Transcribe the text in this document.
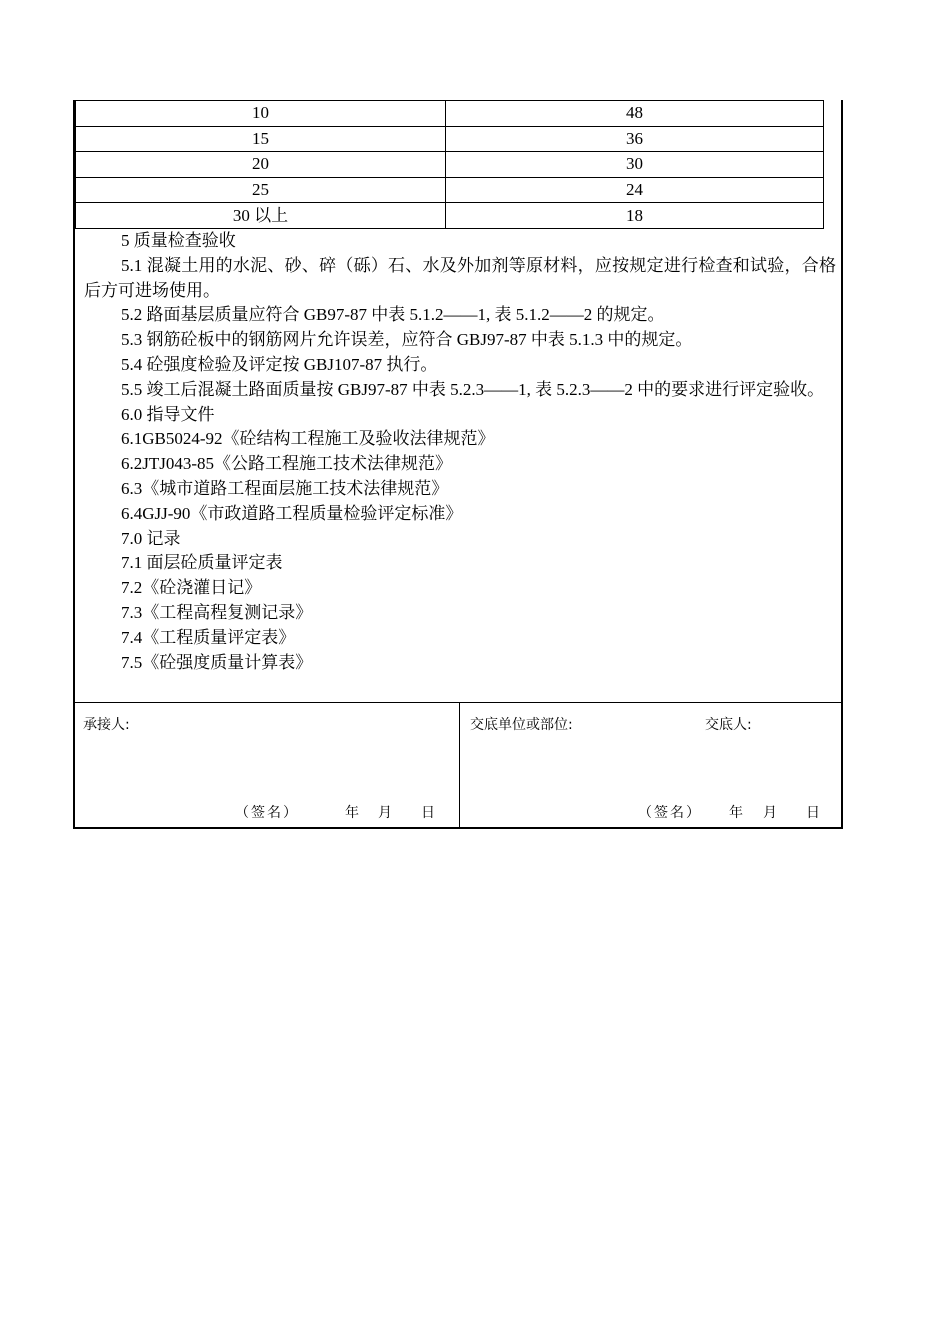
10	48
15	36
20	30
25	24
30 以上	18

5 质量检查验收

5.1 混凝土用的水泥、砂、碎（砾）石、水及外加剂等原材料，应按规定进行检查和试验，合格后方可进场使用。

5.2 路面基层质量应符合 GB97-87 中表 5.1.2——1, 表 5.1.2——2 的规定。

5.3 钢筋砼板中的钢筋网片允许误差，应符合 GBJ97-87 中表 5.1.3 中的规定。

5.4 砼强度检验及评定按 GBJ107-87 执行。

5.5 竣工后混凝土路面质量按 GBJ97-87 中表 5.2.3——1, 表 5.2.3——2 中的要求进行评定验收。

6.0 指导文件

6.1GB5024-92《砼结构工程施工及验收法律规范》

6.2JTJ043-85《公路工程施工技术法律规范》

6.3《城市道路工程面层施工技术法律规范》

6.4GJJ-90《市政道路工程质量检验评定标准》

7.0 记录

7.1 面层砼质量评定表

7.2《砼浇灌日记》

7.3《工程高程复测记录》

7.4《工程质量评定表》

7.5《砼强度质量计算表》

承接人:
（签名）	年 月 日
交底单位或部位:	交底人:
（签名） 年 月 日
